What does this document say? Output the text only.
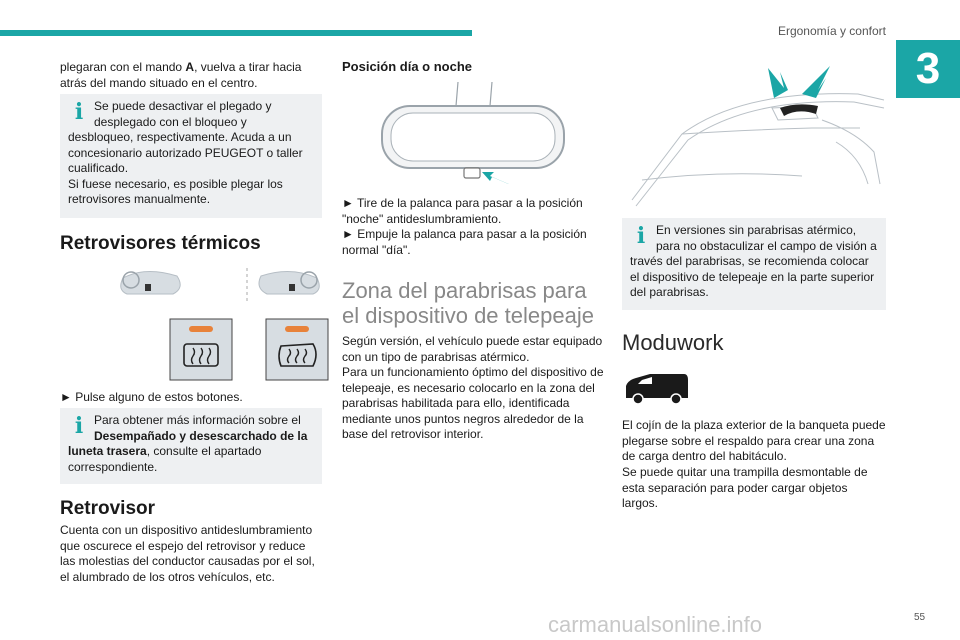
Ergonomía y confort
3

plegaran con el mando A, vuelva a tirar hacia atrás del mando situado en el centro.

i Se puede desactivar el plegado y desplegado con el bloqueo y desbloqueo, respectivamente. Acuda a un concesionario autorizado PEUGEOT o taller cualificado.

Si fuese necesario, es posible plegar los retrovisores manualmente.

Retrovisores térmicos

► Pulse alguno de estos botones.

i Para obtener más información sobre el Desempañado y desescarchado de la luneta trasera, consulte el apartado correspondiente.

Retrovisor

Cuenta con un dispositivo antideslumbramiento que oscurece el espejo del retrovisor y reduce las molestias del conductor causadas por el sol, el alumbrado de los otros vehículos, etc.

Posición día o noche

► Tire de la palanca para pasar a la posición "noche" antideslumbramiento.

► Empuje la palanca para pasar a la posición normal "día".

Zona del parabrisas para el dispositivo de telepeaje

Según versión, el vehículo puede estar equipado con un tipo de parabrisas atérmico.

Para un funcionamiento óptimo del dispositivo de telepeaje, es necesario colocarlo en la zona del parabrisas habilitada para ello, identificada mediante unos puntos negros alrededor de la base del retrovisor interior.

i En versiones sin parabrisas atérmico, para no obstaculizar el campo de visión a través del parabrisas, se recomienda colocar el dispositivo de telepeaje en la parte superior del parabrisas.

Moduwork

El cojín de la plaza exterior de la banqueta puede plegarse sobre el respaldo para crear una zona de carga dentro del habitáculo.

Se puede quitar una trampilla desmontable de esta separación para poder cargar objetos largos.

carmanualsonline.info	55
